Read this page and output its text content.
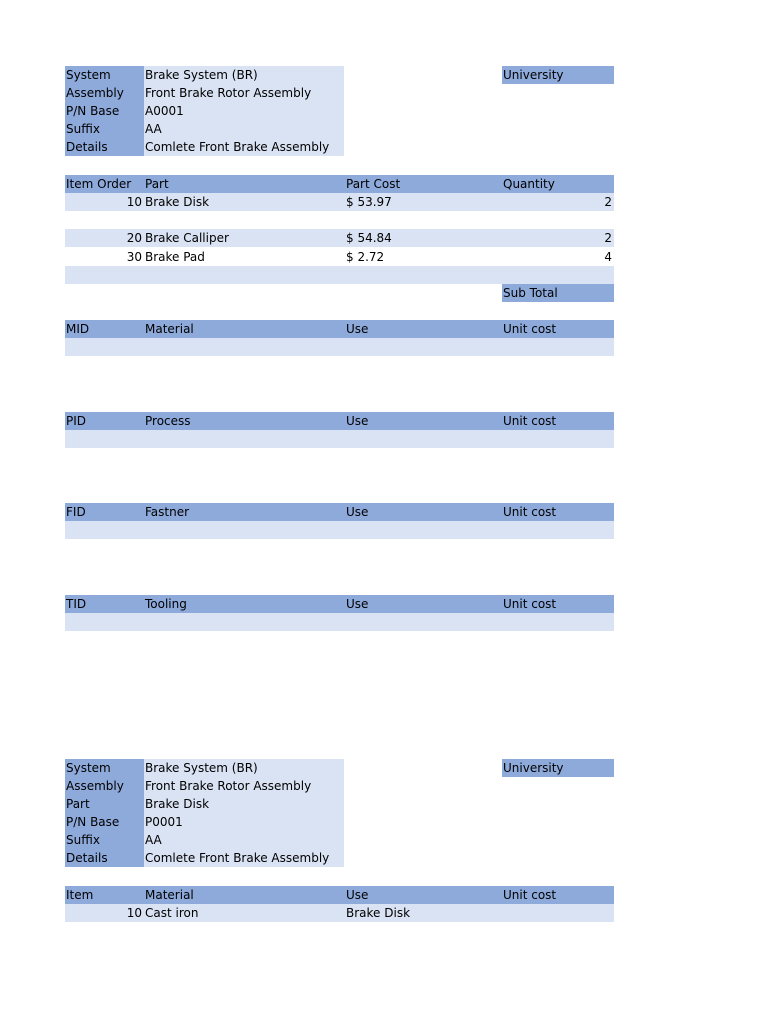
System	Brake System (BR)
Assembly	Front Brake Rotor Assembly
P/N Base	A0001
Suffix	AA
Details	Comlete Front Brake Assembly
University
Item Order	Part	Part Cost	Quantity
10 Brake Disk	$ 53.97	2
20 Brake Calliper	$ 54.84	2
30 Brake Pad	$ 2.72	4
Sub Total
MID	Material	Use	Unit cost
PID	Process	Use	Unit cost
FID	Fastner	Use	Unit cost
TID	Tooling	Use	Unit cost
System	Brake System (BR)
Assembly	Front Brake Rotor Assembly
Part	Brake Disk
P/N Base	P0001
Suffix	AA
Details	Comlete Front Brake Assembly
University
Item	Material	Use	Unit cost
10 Cast iron	Brake Disk
